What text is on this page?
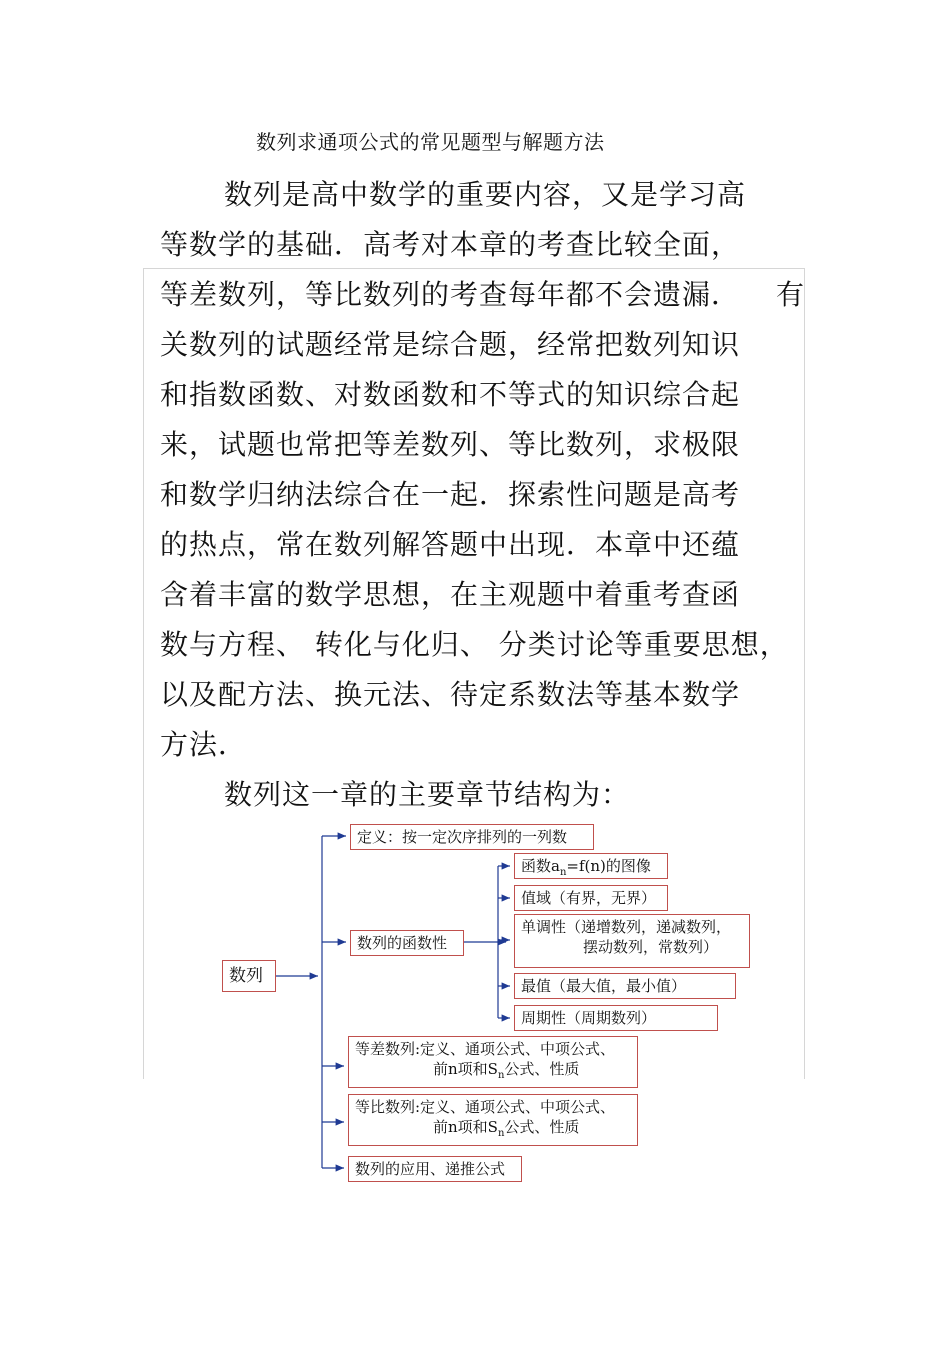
数列求通项公式的常见题型与解题方法
数列是高中数学的重要内容，又是学习高
等数学的基础．高考对本章的考查比较全面，
等差数列，等比数列的考查每年都不会遗漏． 有
关数列的试题经常是综合题，经常把数列知识
和指数函数、对数函数和不等式的知识综合起
来，试题也常把等差数列、等比数列，求极限
和数学归纳法综合在一起．探索性问题是高考
的热点，常在数列解答题中出现．本章中还蕴
含着丰富的数学思想，在主观题中着重考查函
数与方程、 转化与化归、 分类讨论等重要思想，
以及配方法、换元法、待定系数法等基本数学
方法．
数列这一章的主要章节结构为：
数列
定义：按一定次序排列的一列数
数列的函数性
函数$a_n=f(n)$的图像
值域（有界，无界）
单调性（递增数列，递减数列，
摆动数列，常数列）
最值（最大值，最小值）
周期性（周期数列）
等差数列:定义、通项公式、中项公式、
前n项和$S_n$公式、性质
等比数列:定义、通项公式、中项公式、
前n项和$S_n$公式、性质
数列的应用、递推公式
